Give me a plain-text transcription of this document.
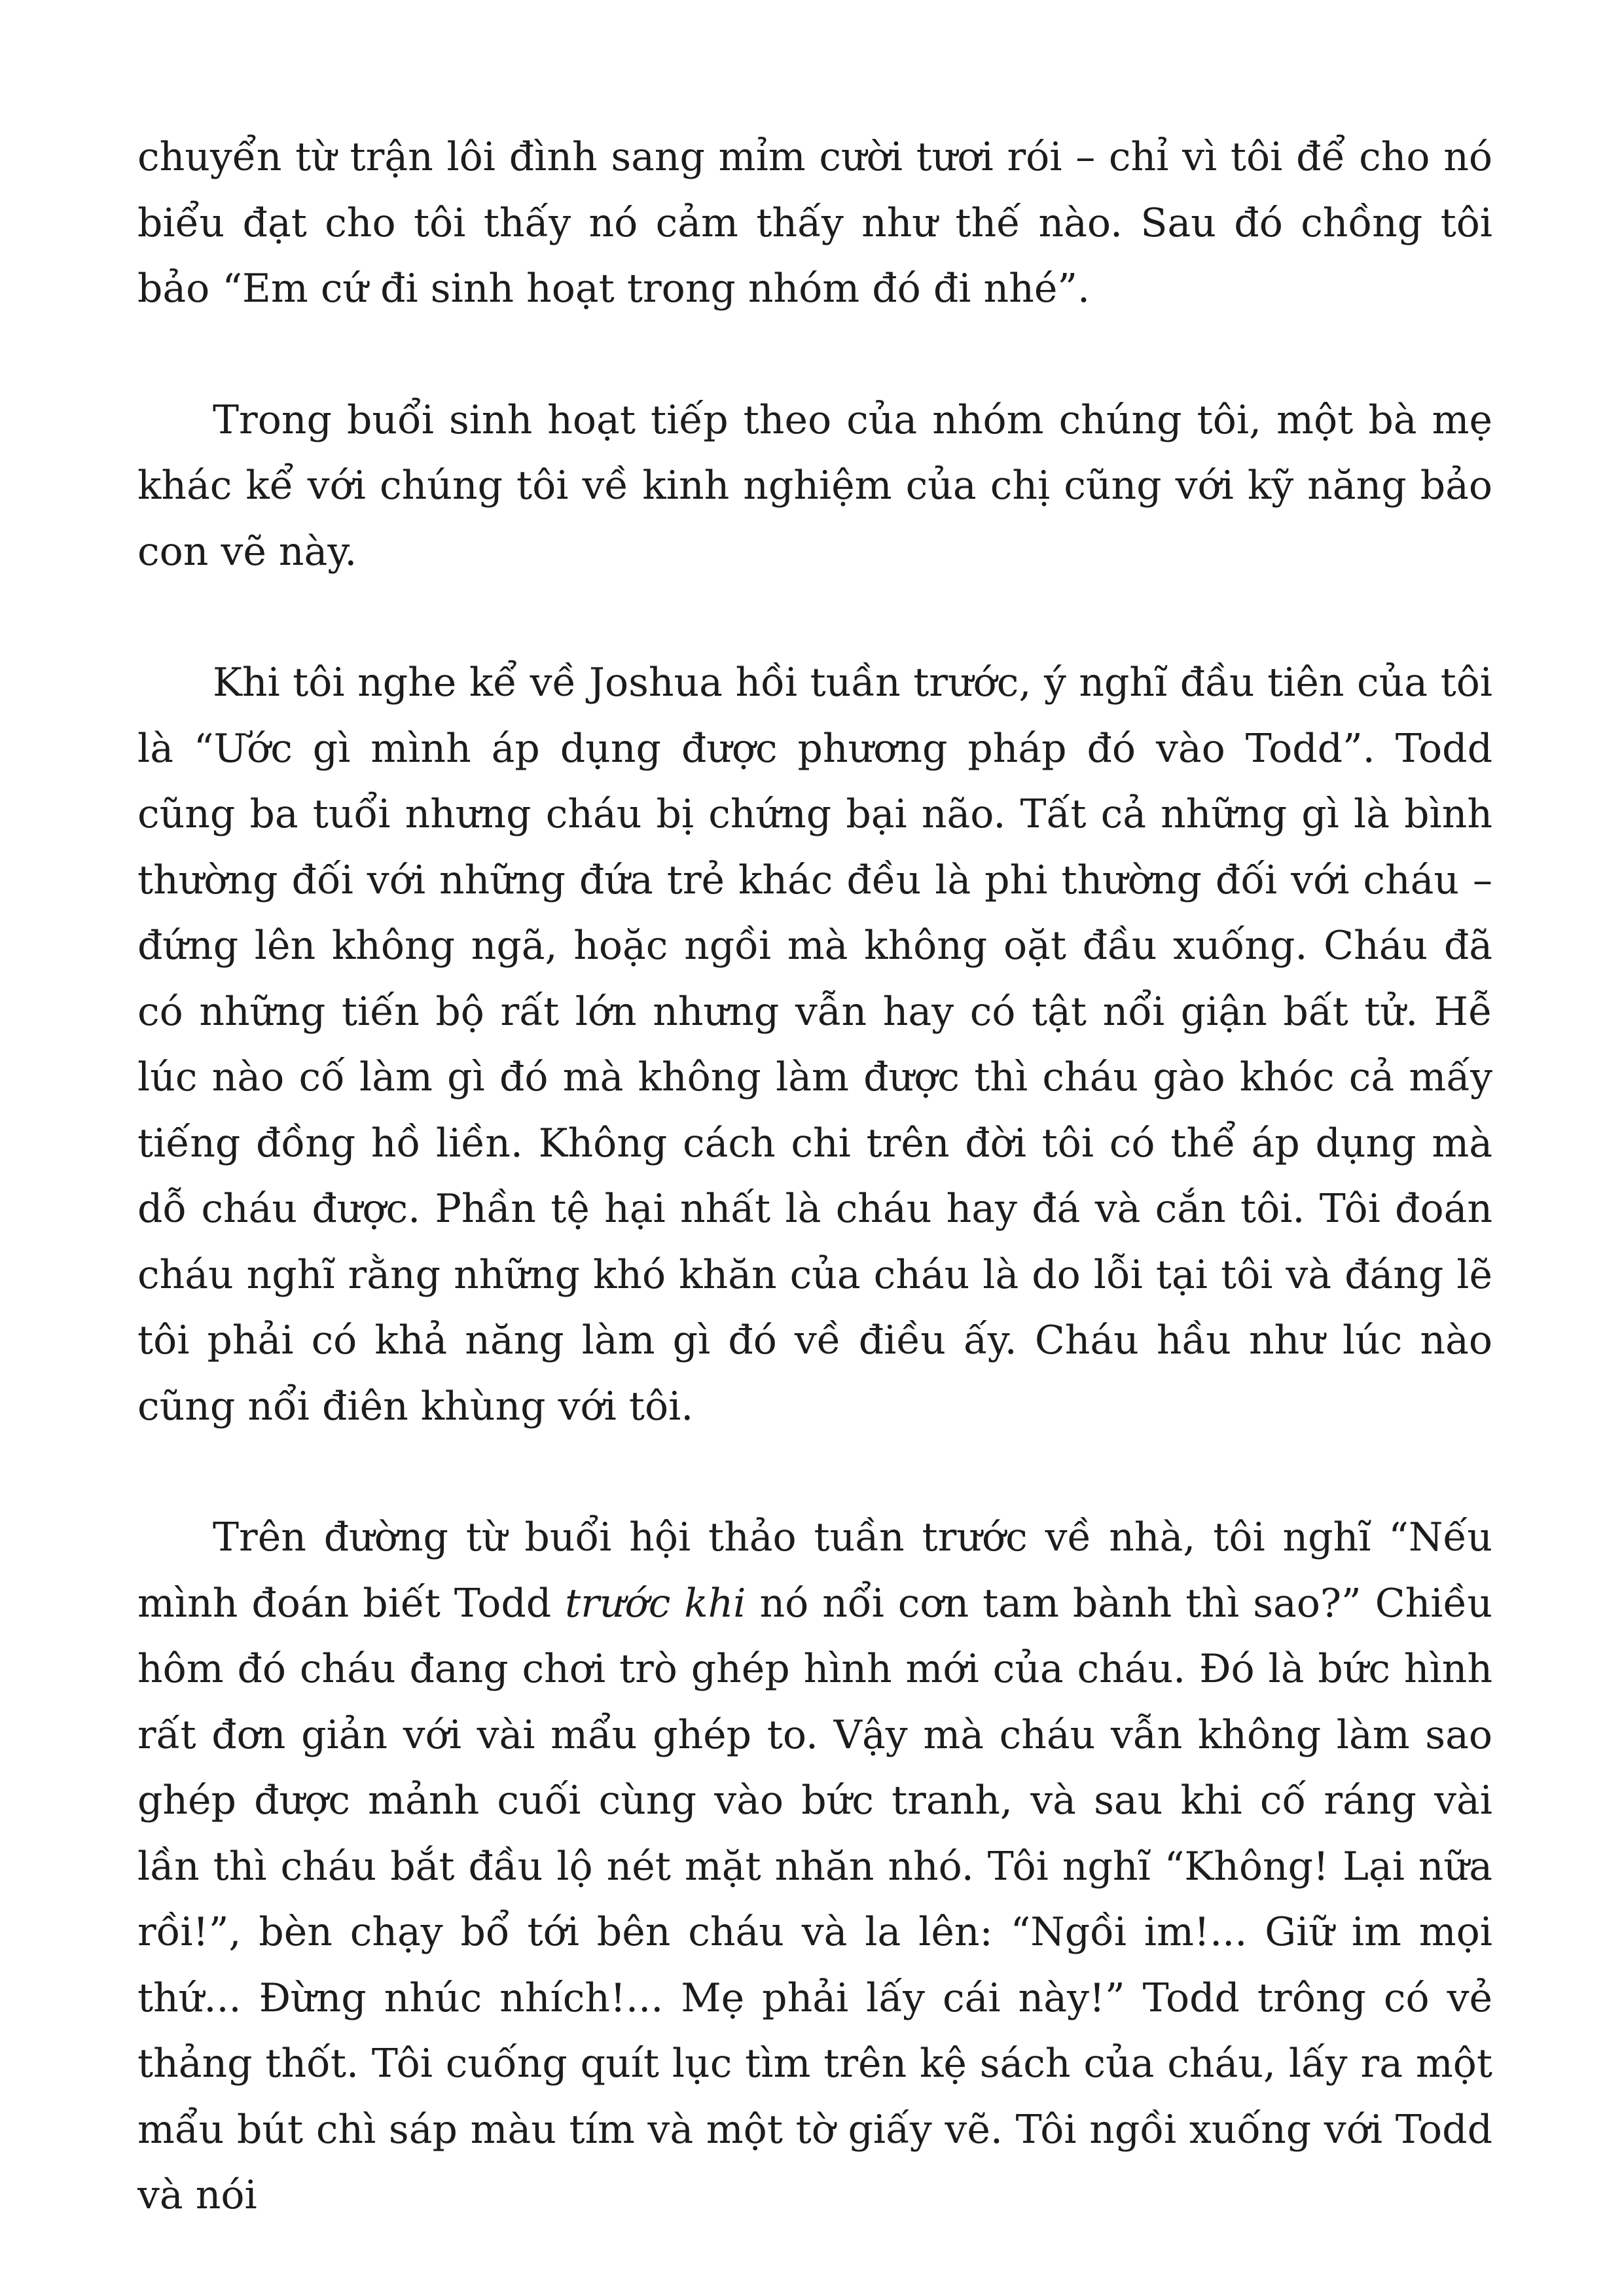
chuyển từ trận lôi đình sang mỉm cười tươi rói – chỉ vì tôi để cho nó biểu đạt cho tôi thấy nó cảm thấy như thế nào. Sau đó chồng tôi bảo “Em cứ đi sinh hoạt trong nhóm đó đi nhé”.

Trong buổi sinh hoạt tiếp theo của nhóm chúng tôi, một bà mẹ khác kể với chúng tôi về kinh nghiệm của chị cũng với kỹ năng bảo con vẽ này.

Khi tôi nghe kể về Joshua hồi tuần trước, ý nghĩ đầu tiên của tôi là “Ước gì mình áp dụng được phương pháp đó vào Todd”. Todd cũng ba tuổi nhưng cháu bị chứng bại não. Tất cả những gì là bình thường đối với những đứa trẻ khác đều là phi thường đối với cháu – đứng lên không ngã, hoặc ngồi mà không oặt đầu xuống. Cháu đã có những tiến bộ rất lớn nhưng vẫn hay có tật nổi giận bất tử. Hễ lúc nào cố làm gì đó mà không làm được thì cháu gào khóc cả mấy tiếng đồng hồ liền. Không cách chi trên đời tôi có thể áp dụng mà dỗ cháu được. Phần tệ hại nhất là cháu hay đá và cắn tôi. Tôi đoán cháu nghĩ rằng những khó khăn của cháu là do lỗi tại tôi và đáng lẽ tôi phải có khả năng làm gì đó về điều ấy. Cháu hầu như lúc nào cũng nổi điên khùng với tôi.

Trên đường từ buổi hội thảo tuần trước về nhà, tôi nghĩ “Nếu mình đoán biết Todd trước khi nó nổi cơn tam bành thì sao?” Chiều hôm đó cháu đang chơi trò ghép hình mới của cháu. Đó là bức hình rất đơn giản với vài mẩu ghép to. Vậy mà cháu vẫn không làm sao ghép được mảnh cuối cùng vào bức tranh, và sau khi cố ráng vài lần thì cháu bắt đầu lộ nét mặt nhăn nhó. Tôi nghĩ “Không! Lại nữa rồi!”, bèn chạy bổ tới bên cháu và la lên: “Ngồi im!... Giữ im mọi thứ... Đừng nhúc nhích!... Mẹ phải lấy cái này!” Todd trông có vẻ thảng thốt. Tôi cuống quít lục tìm trên kệ sách của cháu, lấy ra một mẩu bút chì sáp màu tím và một tờ giấy vẽ. Tôi ngồi xuống với Todd và nói
